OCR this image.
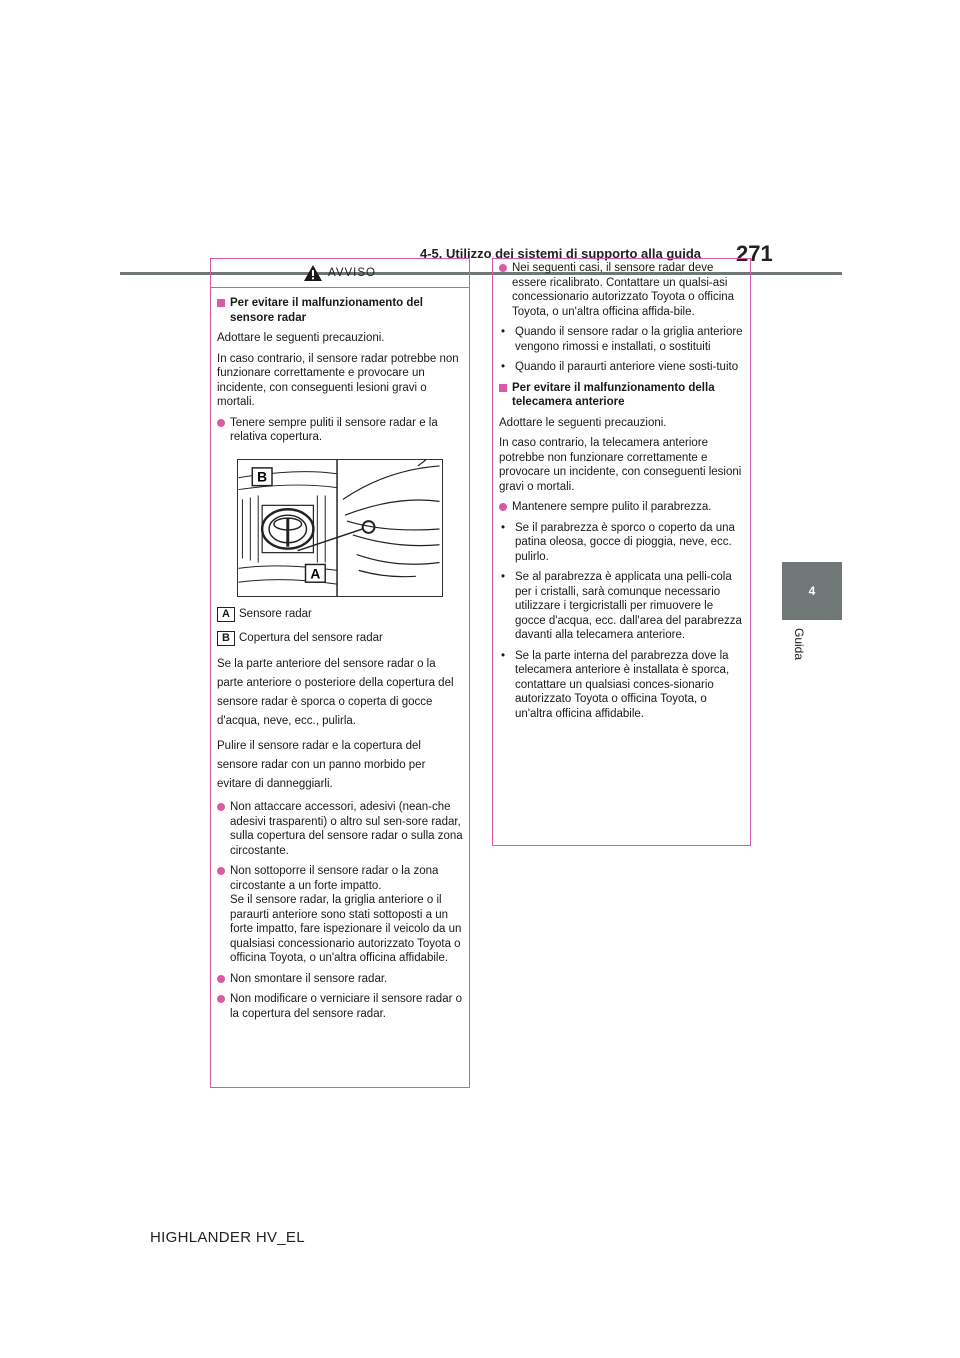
4-5. Utilizzo dei sistemi di supporto alla guida 271
4
Guida
AVVISO
Per evitare il malfunzionamento del sensore radar

Adottare le seguenti precauzioni.

In caso contrario, il sensore radar potrebbe non funzionare correttamente e provocare un incidente, con conseguenti lesioni gravi o mortali.

Tenere sempre puliti il sensore radar e la relativa copertura.
B
A
A Sensore radar
B Copertura del sensore radar

Se la parte anteriore del sensore radar o la parte anteriore o posteriore della copertura del sensore radar è sporca o coperta di gocce d'acqua, neve, ecc., pulirla.

Pulire il sensore radar e la copertura del sensore radar con un panno morbido per evitare di danneggiarli.

Non attaccare accessori, adesivi (nean-che adesivi trasparenti) o altro sul sen-sore radar, sulla copertura del sensore radar o sulla zona circostante.
Non sottoporre il sensore radar o la zona circostante a un forte impatto.
Se il sensore radar, la griglia anteriore o il paraurti anteriore sono stati sottoposti a un forte impatto, fare ispezionare il veicolo da un qualsiasi concessionario autorizzato Toyota o officina Toyota, o un'altra officina affidabile.
Non smontare il sensore radar.
Non modificare o verniciare il sensore radar o la copertura del sensore radar.
Nei seguenti casi, il sensore radar deve essere ricalibrato. Contattare un qualsi-asi concessionario autorizzato Toyota o officina Toyota, o un'altra officina affida-bile.
• Quando il sensore radar o la griglia anteriore vengono rimossi e installati, o sostituiti
• Quando il paraurti anteriore viene sosti-tuito
Per evitare il malfunzionamento della telecamera anteriore

Adottare le seguenti precauzioni.

In caso contrario, la telecamera anteriore potrebbe non funzionare correttamente e provocare un incidente, con conseguenti lesioni gravi o mortali.

Mantenere sempre pulito il parabrezza.
• Se il parabrezza è sporco o coperto da una patina oleosa, gocce di pioggia, neve, ecc. pulirlo.
• Se al parabrezza è applicata una pelli-cola per i cristalli, sarà comunque necessario utilizzare i tergicristalli per rimuovere le gocce d'acqua, ecc. dall'area del parabrezza davanti alla telecamera anteriore.
• Se la parte interna del parabrezza dove la telecamera anteriore è installata è sporca, contattare un qualsiasi conces-sionario autorizzato Toyota o officina Toyota, o un'altra officina affidabile.
HIGHLANDER HV_EL
